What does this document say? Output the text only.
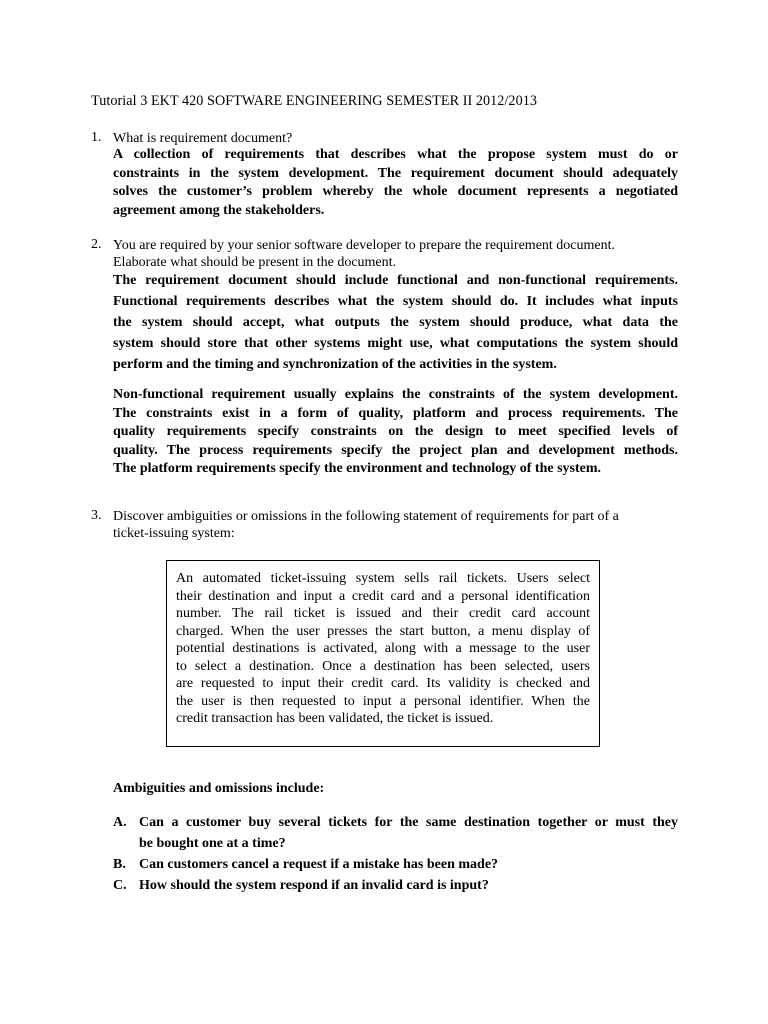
Tutorial 3 EKT 420 SOFTWARE ENGINEERING SEMESTER II 2012/2013
1. What is requirement document?
A collection of requirements that describes what the propose system must do or
constraints in the system development. The requirement document should adequately
solves the customer’s problem whereby the whole document represents a negotiated
agreement among the stakeholders.
2. You are required by your senior software developer to prepare the requirement document.
Elaborate what should be present in the document.
The requirement document should include functional and non-functional requirements.
Functional requirements describes what the system should do. It includes what inputs
the system should accept, what outputs the system should produce, what data the
system should store that other systems might use, what computations the system should
perform and the timing and synchronization of the activities in the system.
Non-functional requirement usually explains the constraints of the system development.
The constraints exist in a form of quality, platform and process requirements. The
quality requirements specify constraints on the design to meet specified levels of
quality. The process requirements specify the project plan and development methods.
The platform requirements specify the environment and technology of the system.
3. Discover ambiguities or omissions in the following statement of requirements for part of a
ticket-issuing system:
An automated ticket-issuing system sells rail tickets. Users select
their destination and input a credit card and a personal identification
number. The rail ticket is issued and their credit card account
charged. When the user presses the start button, a menu display of
potential destinations is activated, along with a message to the user
to select a destination. Once a destination has been selected, users
are requested to input their credit card. Its validity is checked and
the user is then requested to input a personal identifier. When the
credit transaction has been validated, the ticket is issued.
Ambiguities and omissions include:
A. Can a customer buy several tickets for the same destination together or must they
be bought one at a time?
B. Can customers cancel a request if a mistake has been made?
C. How should the system respond if an invalid card is input?
